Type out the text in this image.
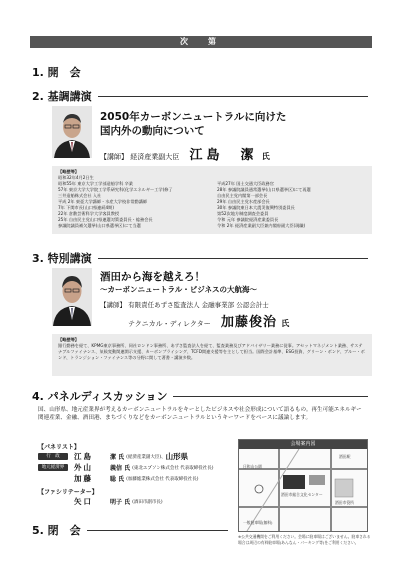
次　第
1. 開　会
2. 基調講演
2050年カーボンニュートラルに向けた
国内外の動向について
【講師】 経済産業副大臣 江島　潔 氏
【略歴等】
昭和32年4月2日生
昭和55年 東京大学工学部造船学科 卒業
57年 東京大学大学院工学系研究科(化学エネルギー工学)修了
三井造船株式会社 入社
平成 2年 東亜大学講師・水産大学校非常勤講師
7年 下関市長(山口県連続4期)
22年 倉敷芸術科学大学客員教授
25年 自由民主党山口県連選対策委員長・総務会長
参議院議員補欠選挙(山口県選挙区)にて当選
平成27年 国土交通大臣政務官
28年 参議院議員通常選挙(山口県選挙区)にて再選
自由民主党内閣第一部会長
29年 自由民主党水産部会長
30年 参議院東日本大震災復興特別委員長
第52次地方制度調査会委員
令和 元年 参議院経済産業委員長
令和 2年 経済産業副大臣兼内閣府副大臣(現職)
3. 特別講演
酒田から海を越えろ！
～カーボンニュートラル・ビジネスの大航海～
【講師】 有限責任あずさ監査法人 金融事業部 公認会計士
テクニカル・ディレクター 加藤俊治 氏
【略歴等】
銀行勤務を経て、KPMG東京事務所、同社ロンドン事務所、あずさ監査法人を経て、監査業務及びアドバイザリー業務に従事。アセットマネジメント業務、サステナブルファイナンス、気候変動関連開示支援、カーボンプライシング、TCFD関連支援等を主として担当。国際会計基準、ESG投資、グリーン・ボンド、ブルー・ボンド、トランジション・ファイナンス等の分野に関して著書・講演多数。
4. パネルディスカッション
国、山形県、地元産業界が考えるカーボンニュートラルをキーとしたビジネスや社会形成について語るもの。再生可能エネルギー関連産業、金融、酒田港、まちづくりなどをカーボンニュートラルというキーワードをベースに議論します。
【パネリスト】
行　政	江島	潔 氏 (経済産業副大臣)、 山形県
地元経済界	外山	義信 氏 (東北エプソン株式会社 代表取締役社長)
加藤	聡 氏 (加藤総業株式会社 代表取締役社長)
【ファシリテーター】
矢口	明子 氏 (酒田市副市長)
会場案内図
酒田市総合文化センター
P
一般駐車場(無料)
酒田市役所
日和山公園
酒田駅
※公共交通機関をご利用ください。会場に駐車場はございません。駐車される場合は周辺の有料駐車場(あんなん・パーキング等)をご利用ください。
5. 閉　会
